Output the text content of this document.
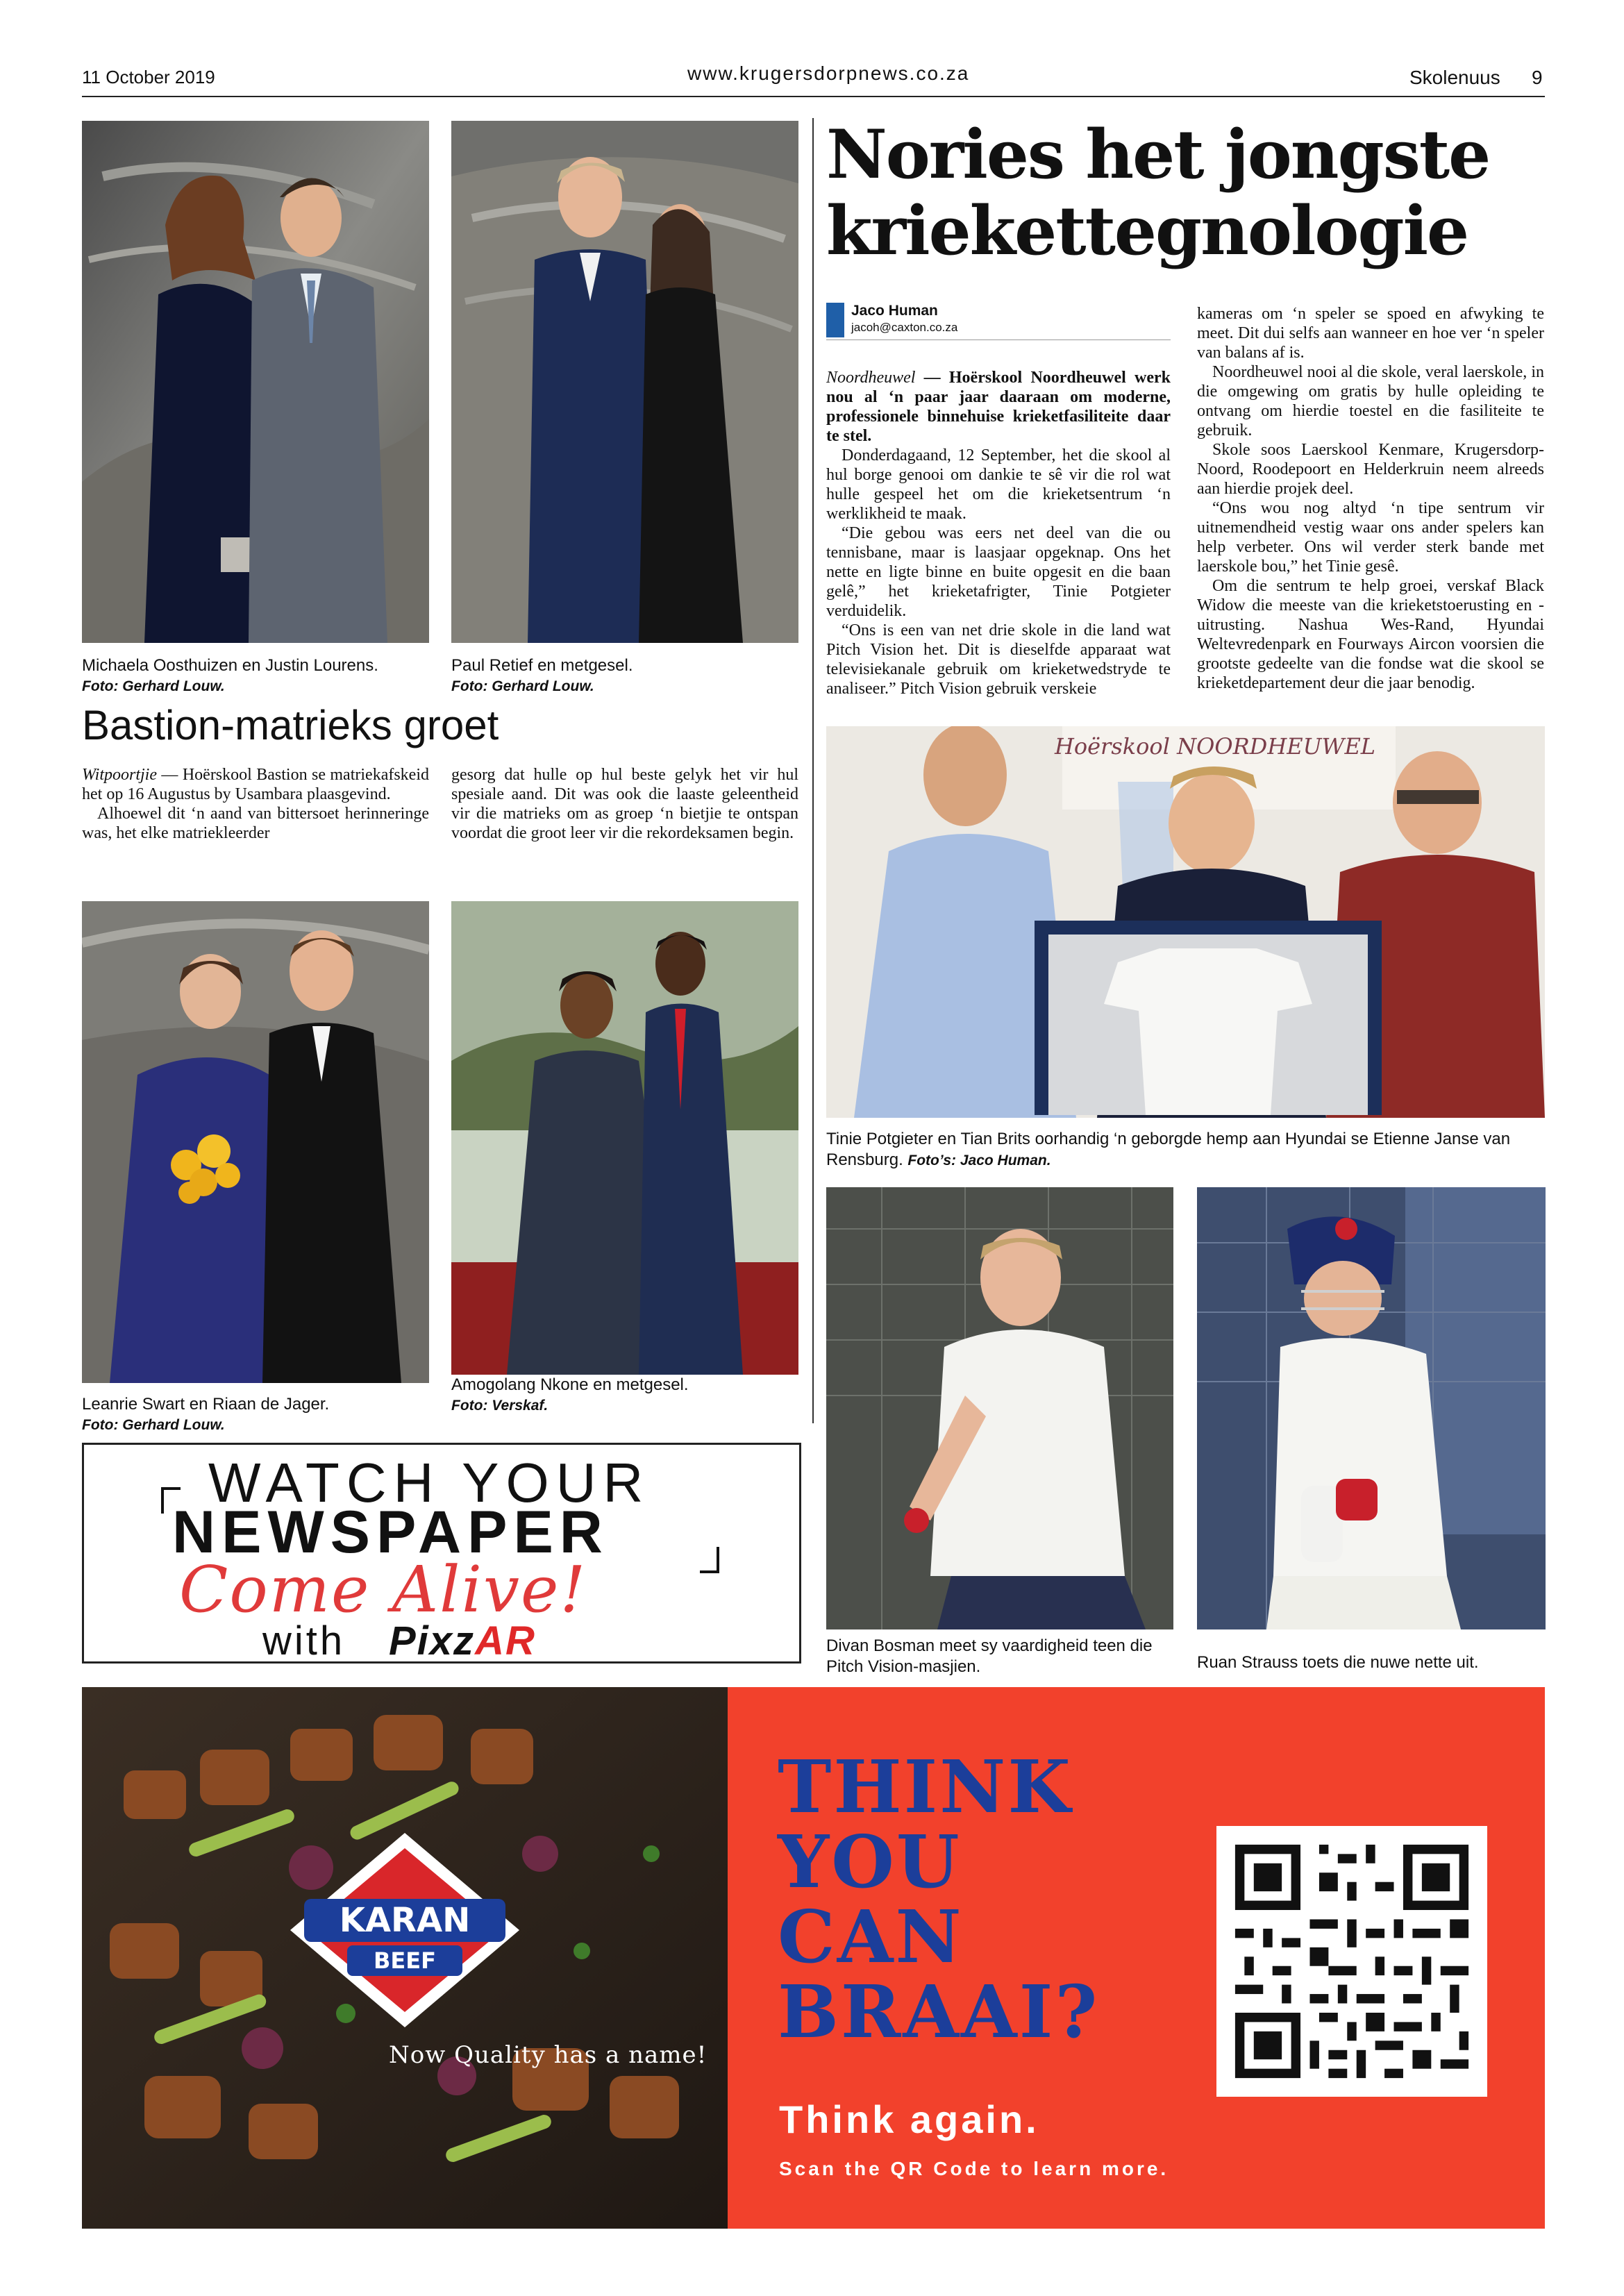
11 October 2019	www.krugersdorpnews.co.za	Skolenuus 9
Michaela Oosthuizen en Justin Lourens.
Foto: Gerhard Louw.
Paul Retief en metgesel.
Foto: Gerhard Louw.
Bastion-matrieks groet

Witpoortjie — Hoërskool Bastion se matriekafskeid het op 16 Augustus by Usambara plaasgevind.

Alhoewel dit ‘n aand van bittersoet herinneringe was, het elke matriekleerder

gesorg dat hulle op hul beste gelyk het vir hul spesiale aand. Dit was ook die laaste geleentheid vir die matrieks om as groep ‘n bietjie te ontspan voordat die groot leer vir die rekordeksamen begin.

Leanrie Swart en Riaan de Jager.
Foto: Gerhard Louw.
Amogolang Nkone en metgesel.
Foto: Verskaf.
Nories het jongste kriekettegnologie
Jaco Human
jacoh@caxton.co.za

Noordheuwel — Hoërskool Noordheuwel werk nou al ‘n paar jaar daaraan om moderne, professionele binnehuise krieketfasiliteite daar te stel.

Donderdagaand, 12 September, het die skool al hul borge genooi om dankie te sê vir die rol wat hulle gespeel het om die krieketsentrum ‘n werklikheid te maak.

“Die gebou was eers net deel van die ou tennisbane, maar is laasjaar opgeknap. Ons het nette en ligte binne en buite opgesit en die baan gelê,” het krieketafrigter, Tinie Potgieter verduidelik.

“Ons is een van net drie skole in die land wat Pitch Vision het. Dit is dieselfde apparaat wat televisiekanale gebruik om krieketwedstryde te analiseer.” Pitch Vision gebruik verskeie

kameras om ‘n speler se spoed en afwyking te meet. Dit dui selfs aan wanneer en hoe ver ‘n speler van balans af is.

Noordheuwel nooi al die skole, veral laerskole, in die omgewing om gratis by hulle opleiding te ontvang om hierdie toestel en die fasiliteite te gebruik.

Skole soos Laerskool Kenmare, Krugersdorp-Noord, Roodepoort en Helderkruin neem alreeds aan hierdie projek deel.

“Ons wou nog altyd ‘n tipe sentrum vir uitnemendheid vestig waar ons ander spelers kan help verbeter. Ons wil verder sterk bande met laerskole bou,” het Tinie gesê.

Om die sentrum te help groei, verskaf Black Widow die meeste van die krieketstoerusting en -uitrusting. Nashua Wes-Rand, Hyundai Weltevredenpark en Fourways Aircon voorsien die grootste gedeelte van die fondse wat die skool se krieketdepartement deur die jaar benodig.

Hoërskool NOORDHEUWEL
Tinie Potgieter en Tian Brits oorhandig ‘n geborgde hemp aan Hyundai se Etienne Janse van Rensburg. Foto’s: Jaco Human.
Divan Bosman meet sy vaardigheid teen die Pitch Vision-masjien.	Ruan Strauss toets die nuwe nette uit.
WATCH YOUR
NEWSPAPER
Come Alive!
with PixzAR
KARAN
BEEF
Now Quality has a name!
THINK
YOU
CAN
BRAAI?
Think again.
Scan the QR Code to learn more.
